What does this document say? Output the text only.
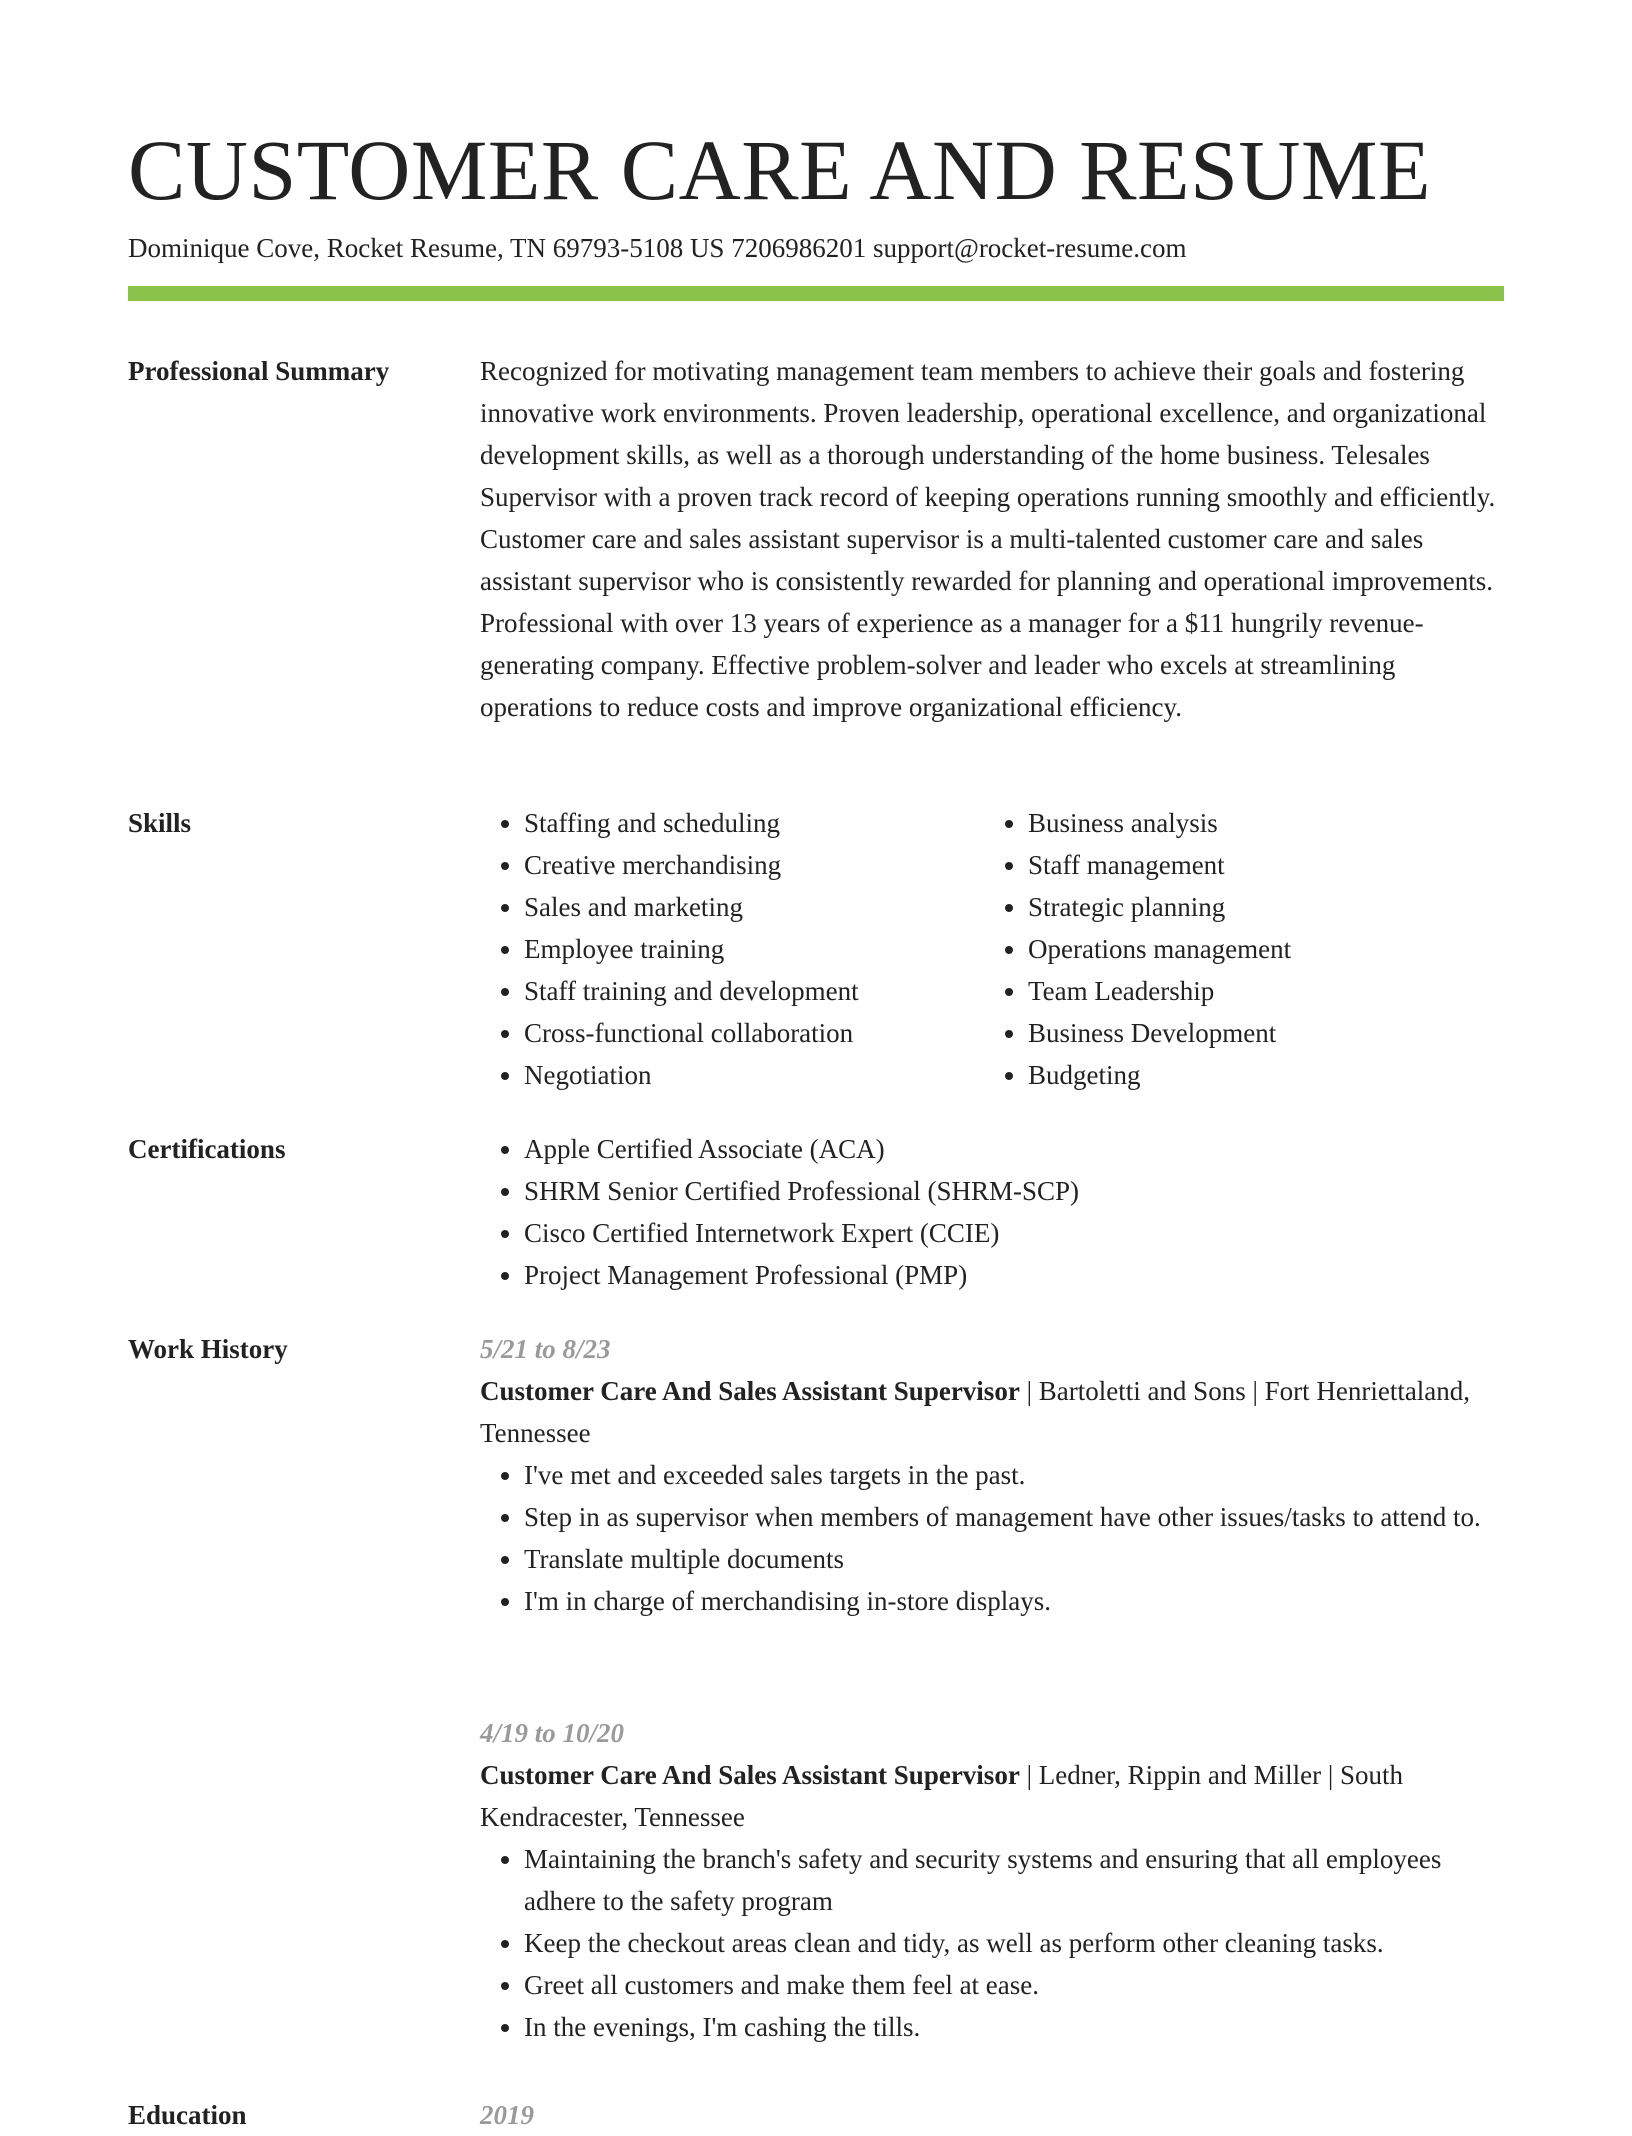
CUSTOMER CARE AND RESUME
Dominique Cove, Rocket Resume, TN 69793-5108 US 7206986201 support@rocket-resume.com
Professional Summary	Recognized for motivating management team members to achieve their goals and fostering innovative work environments. Proven leadership, operational excellence, and organizational development skills, as well as a thorough understanding of the home business. Telesales Supervisor with a proven track record of keeping operations running smoothly and efficiently. Customer care and sales assistant supervisor is a multi-talented customer care and sales assistant supervisor who is consistently rewarded for planning and operational improvements. Professional with over 13 years of experience as a manager for a $11 hungrily revenue-generating company. Effective problem-solver and leader who excels at streamlining operations to reduce costs and improve organizational efficiency.

Skills	• Staffing and scheduling
• Creative merchandising
• Sales and marketing
• Employee training
• Staff training and development
• Cross-functional collaboration
• Negotiation
• Business analysis
• Staff management
• Strategic planning
• Operations management
• Team Leadership
• Business Development
• Budgeting
Certifications	• Apple Certified Associate (ACA)
• SHRM Senior Certified Professional (SHRM-SCP)
• Cisco Certified Internetwork Expert (CCIE)
• Project Management Professional (PMP)
Work History	5/21 to 8/23
Customer Care And Sales Assistant Supervisor | Bartoletti and Sons | Fort Henriettaland, Tennessee
• I've met and exceeded sales targets in the past.
• Step in as supervisor when members of management have other issues/tasks to attend to.
• Translate multiple documents
• I'm in charge of merchandising in-store displays.
4/19 to 10/20
Customer Care And Sales Assistant Supervisor | Ledner, Rippin and Miller | South Kendracester, Tennessee
• Maintaining the branch's safety and security systems and ensuring that all employees adhere to the safety program
• Keep the checkout areas clean and tidy, as well as perform other cleaning tasks.
• Greet all customers and make them feel at ease.
• In the evenings, I'm cashing the tills.
Education	2019
